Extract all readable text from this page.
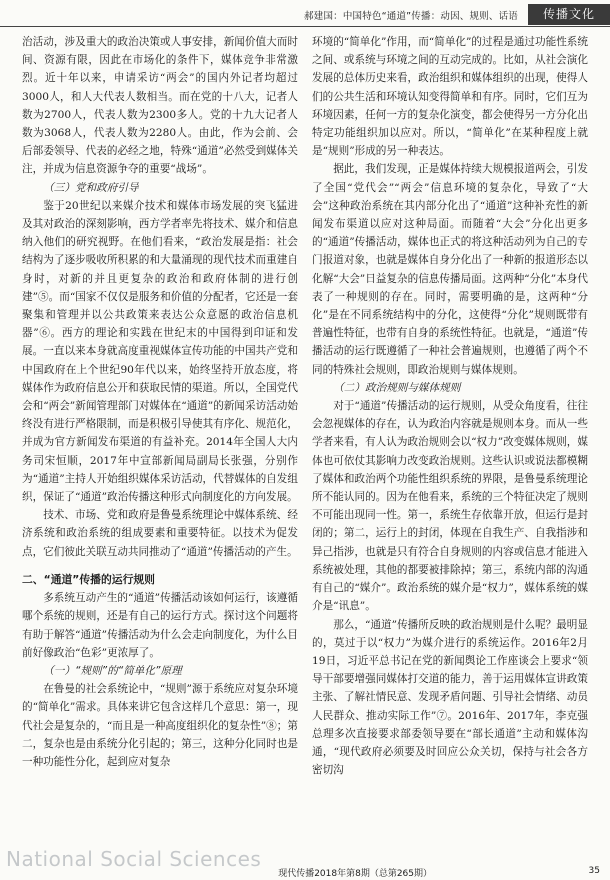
郝建国：中国特色“通道”传播：动因、规则、话语	传播文化

治活动，涉及重大的政治决策或人事安排，新闻价值大而时间、资源有限，因此在市场化的条件下，媒体竞争非常激烈。近十年以来，申请采访“两会”的国内外记者均超过3000人，和人大代表人数相当。而在党的十八大，记者人数为2700人，代表人数为2300多人。党的十九大记者人数为3068人，代表人数为2280人。由此，作为会前、会后部委领导、代表的必经之地，特殊“通道”必然受到媒体关注，并成为信息资源争夺的重要“战场”。

（三）党和政府引导

鉴于20世纪以来媒介技术和媒体市场发展的突飞猛进及其对政治的深刻影响，西方学者率先将技术、媒介和信息纳入他们的研究视野。在他们看来，“政治发展是指：社会结构为了逐步吸收所积累的和大量涌现的现代技术而重建自身时，对新的并且更复杂的政治和政府体制的进行创建”⑤。而“国家不仅仅是服务和价值的分配者，它还是一套聚集和管理并以公共政策来表达公众意愿的政治信息机器”⑥。西方的理论和实践在世纪末的中国得到印证和发展。一直以来本身就高度重视媒体宣传功能的中国共产党和中国政府在上个世纪90年代以来，始终坚持开放态度，将媒体作为政府信息公开和获取民情的渠道。所以，全国党代会和“两会”新闻管理部门对媒体在“通道”的新闻采访活动始终没有进行严格限制，而是积极引导使其有序化、规范化，并成为官方新闻发布渠道的有益补充。2014年全国人大内务司宋恒顺，2017年中宣部新闻局副局长张强，分别作为“通道”主持人开始组织媒体采访活动，代替媒体的自发组织，保证了“通道”政治传播这种形式向制度化的方向发展。

技术、市场、党和政府是鲁曼系统理论中媒体系统、经济系统和政治系统的组成要素和重要特征。以技术为促发点，它们彼此关联互动共同推动了“通道”传播活动的产生。

二、“通道”传播的运行规则

多系统互动产生的“通道”传播活动该如何运行，该遵循哪个系统的规则，还是有自己的运行方式。探讨这个问题将有助于解答“通道”传播活动为什么会走向制度化，为什么目前好像政治“色彩”更浓厚了。

（一）“规则”的“简单化”原理

在鲁曼的社会系统论中，“规则”源于系统应对复杂环境的“简单化”需求。具体来讲它包含这样几个意思：第一，现代社会是复杂的，“而且是一种高度组织化的复杂性”⑧；第二，复杂也是由系统分化引起的；第三，这种分化同时也是一种功能性分化，起到应对复杂

环境的“简单化”作用，而“简单化”的过程是通过功能性系统之间、或系统与环境之间的互动完成的。比如，从社会演化发展的总体历史来看，政治组织和媒体组织的出现，使得人们的公共生活和环境认知变得简单和有序。同时，它们互为环境因素，任何一方的复杂化演变，都会使得另一方分化出特定功能组织加以应对。所以，“简单化”在某种程度上就是“规则”形成的另一种表达。

据此，我们发现，正是媒体持续大规模报道两会，引发了全国“党代会”“两会”信息环境的复杂化，导致了“大会”这种政治系统在其内部分化出了“通道”这种补充性的新闻发布渠道以应对这种局面。而随着“大会”分化出更多的“通道”传播活动，媒体也正式的将这种活动列为自己的专门报道对象，也就是媒体自身分化出了一种新的报道形态以化解“大会”日益复杂的信息传播局面。这两种“分化”本身代表了一种规则的存在。同时，需要明确的是，这两种“分化”是在不同系统结构中的分化，这使得“分化”规则既带有普遍性特征，也带有自身的系统性特征。也就是，“通道”传播活动的运行既遵循了一种社会普遍规则，也遵循了两个不同的特殊社会规则，即政治规则与媒体规则。

（二）政治规则与媒体规则

对于“通道”传播活动的运行规则，从受众角度看，往往会忽视媒体的存在，认为政治内容就是规则本身。而从一些学者来看，有人认为政治规则会以“权力”改变媒体规则，媒体也可依仗其影响力改变政治规则。这些认识或说法都模糊了媒体和政治两个功能性组织系统的界限，是鲁曼系统理论所不能认同的。因为在他看来，系统的三个特征决定了规则不可能出现同一性。第一，系统生存依靠开放，但运行是封闭的；第二，运行上的封闭，体现在自我生产、自我指涉和异己指涉，也就是只有符合自身规则的内容或信息才能进入系统被处理，其他的都要被排除掉；第三，系统内部的沟通有自己的“媒介”。政治系统的媒介是“权力”，媒体系统的媒介是“讯息”。

那么，“通道”传播所反映的政治规则是什么呢？最明显的，莫过于以“权力”为媒介进行的系统运作。2016年2月19日，习近平总书记在党的新闻舆论工作座谈会上要求“领导干部要增强同媒体打交道的能力，善于运用媒体宣讲政策主张、了解社情民意、发现矛盾问题、引导社会情绪、动员人民群众、推动实际工作”⑦。2016年、2017年，李克强总理多次直接要求部委领导要在“部长通道”主动和媒体沟通，“现代政府必须要及时回应公众关切，保持与社会各方密切沟

National Social Sciences
现代传播2018年第8期（总第265期）	35
